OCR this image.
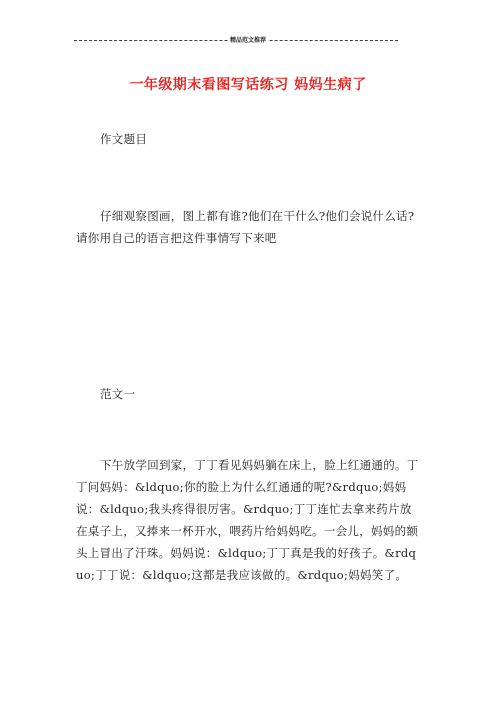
精品范文推荐
一年级期末看图写话练习 妈妈生病了

作文题目

仔细观察图画，图上都有谁?他们在干什么?他们会说什么话?请你用自己的语言把这件事情写下来吧

范文一

下午放学回到家，丁丁看见妈妈躺在床上，脸上红通通的。丁丁问妈妈：&ldquo;你的脸上为什么红通通的呢?&rdquo;妈妈说：&ldquo;我头疼得很厉害。&rdquo;丁丁连忙去拿来药片放在桌子上，又捧来一杯开水，喂药片给妈妈吃。一会儿，妈妈的额头上冒出了汗珠。妈妈说：&ldquo;丁丁真是我的好孩子。&rdquo;丁丁说：&ldquo;这都是我应该做的。&rdquo;妈妈笑了。
